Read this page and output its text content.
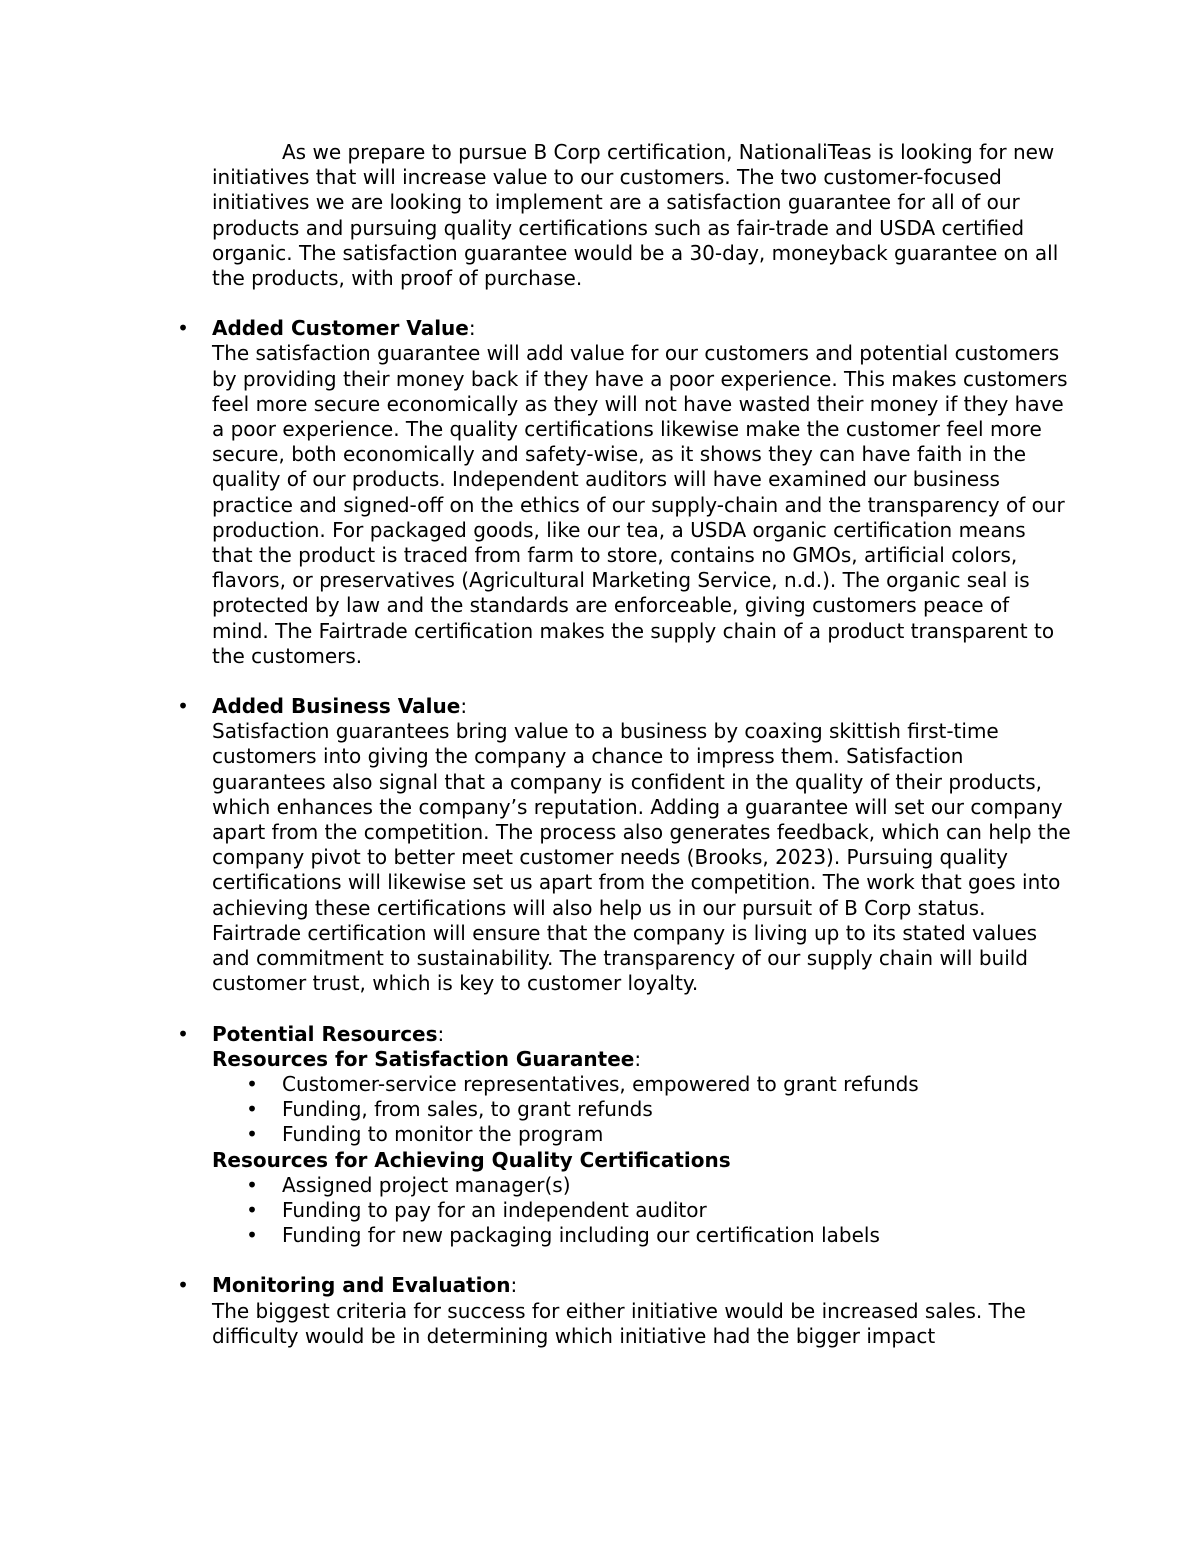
As we prepare to pursue B Corp certification, NationaliTeas is looking for new initiatives that will increase value to our customers. The two customer-focused initiatives we are looking to implement are a satisfaction guarantee for all of our products and pursuing quality certifications such as fair-trade and USDA certified organic. The satisfaction guarantee would be a 30-day, moneyback guarantee on all the products, with proof of purchase.

• Added Customer Value:

The satisfaction guarantee will add value for our customers and potential customers by providing their money back if they have a poor experience. This makes customers feel more secure economically as they will not have wasted their money if they have a poor experience. The quality certifications likewise make the customer feel more secure, both economically and safety-wise, as it shows they can have faith in the quality of our products. Independent auditors will have examined our business practice and signed-off on the ethics of our supply-chain and the transparency of our production. For packaged goods, like our tea, a USDA organic certification means that the product is traced from farm to store, contains no GMOs, artificial colors, flavors, or preservatives (Agricultural Marketing Service, n.d.). The organic seal is protected by law and the standards are enforceable, giving customers peace of mind. The Fairtrade certification makes the supply chain of a product transparent to the customers.

• Added Business Value:

Satisfaction guarantees bring value to a business by coaxing skittish first-time customers into giving the company a chance to impress them. Satisfaction guarantees also signal that a company is confident in the quality of their products, which enhances the company’s reputation. Adding a guarantee will set our company apart from the competition. The process also generates feedback, which can help the company pivot to better meet customer needs (Brooks, 2023). Pursuing quality certifications will likewise set us apart from the competition. The work that goes into achieving these certifications will also help us in our pursuit of B Corp status. Fairtrade certification will ensure that the company is living up to its stated values and commitment to sustainability. The transparency of our supply chain will build customer trust, which is key to customer loyalty.

• Potential Resources:
Resources for Satisfaction Guarantee:
• Customer-service representatives, empowered to grant refunds
• Funding, from sales, to grant refunds
• Funding to monitor the program
Resources for Achieving Quality Certifications
• Assigned project manager(s)
• Funding to pay for an independent auditor
• Funding for new packaging including our certification labels
• Monitoring and Evaluation:

The biggest criteria for success for either initiative would be increased sales. The difficulty would be in determining which initiative had the bigger impact
